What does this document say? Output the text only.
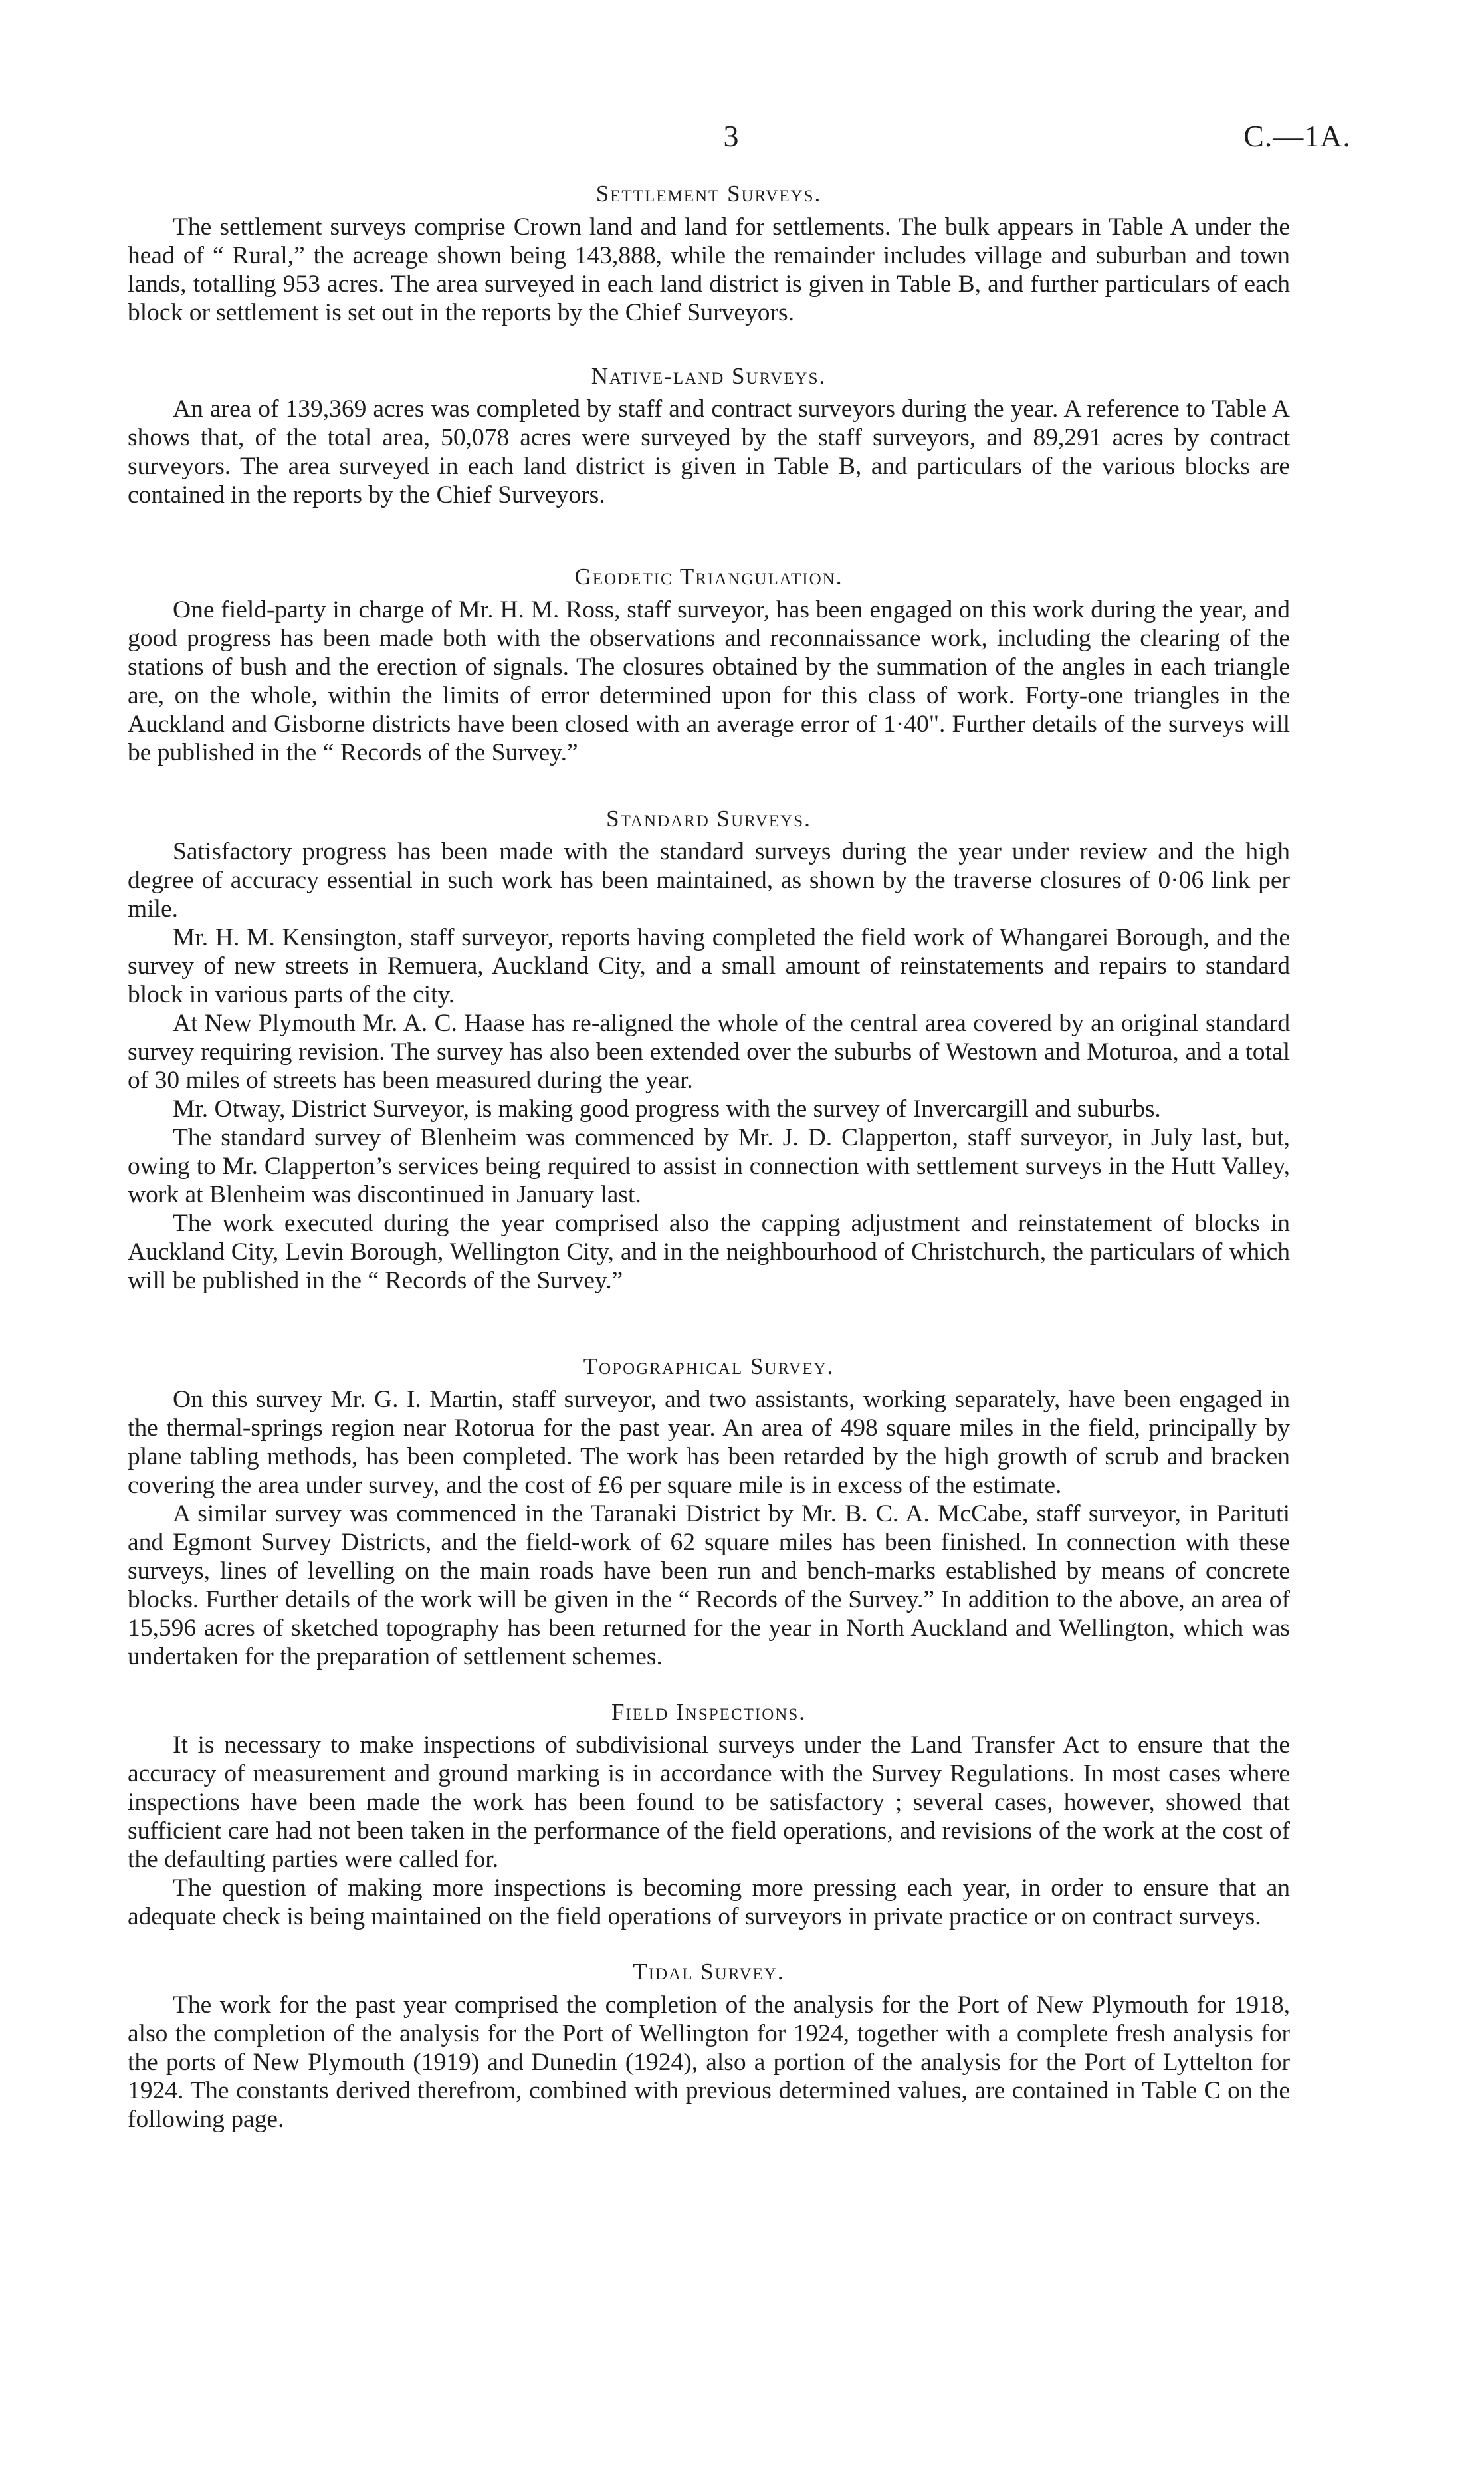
3	C.—1A.
Settlement Surveys.

The settlement surveys comprise Crown land and land for settlements. The bulk appears in Table A under the head of “ Rural,” the acreage shown being 143,888, while the remainder includes village and suburban and town lands, totalling 953 acres. The area surveyed in each land district is given in Table B, and further particulars of each block or settlement is set out in the reports by the Chief Surveyors.

Native-land Surveys.

An area of 139,369 acres was completed by staff and contract surveyors during the year. A reference to Table A shows that, of the total area, 50,078 acres were surveyed by the staff surveyors, and 89,291 acres by contract surveyors. The area surveyed in each land district is given in Table B, and particulars of the various blocks are contained in the reports by the Chief Surveyors.

Geodetic Triangulation.

One field-party in charge of Mr. H. M. Ross, staff surveyor, has been engaged on this work during the year, and good progress has been made both with the observations and reconnaissance work, including the clearing of the stations of bush and the erection of signals. The closures obtained by the summation of the angles in each triangle are, on the whole, within the limits of error determined upon for this class of work. Forty-one triangles in the Auckland and Gisborne districts have been closed with an average error of 1·40". Further details of the surveys will be published in the “ Records of the Survey.”

Standard Surveys.

Satisfactory progress has been made with the standard surveys during the year under review and the high degree of accuracy essential in such work has been maintained, as shown by the traverse closures of 0·06 link per mile.

Mr. H. M. Kensington, staff surveyor, reports having completed the field work of Whangarei Borough, and the survey of new streets in Remuera, Auckland City, and a small amount of reinstatements and repairs to standard block in various parts of the city.

At New Plymouth Mr. A. C. Haase has re-aligned the whole of the central area covered by an original standard survey requiring revision. The survey has also been extended over the suburbs of Westown and Moturoa, and a total of 30 miles of streets has been measured during the year.

Mr. Otway, District Surveyor, is making good progress with the survey of Invercargill and suburbs.

The standard survey of Blenheim was commenced by Mr. J. D. Clapperton, staff surveyor, in July last, but, owing to Mr. Clapperton’s services being required to assist in connection with settlement surveys in the Hutt Valley, work at Blenheim was discontinued in January last.

The work executed during the year comprised also the capping adjustment and reinstatement of blocks in Auckland City, Levin Borough, Wellington City, and in the neighbourhood of Christchurch, the particulars of which will be published in the “ Records of the Survey.”

Topographical Survey.

On this survey Mr. G. I. Martin, staff surveyor, and two assistants, working separately, have been engaged in the thermal-springs region near Rotorua for the past year. An area of 498 square miles in the field, principally by plane tabling methods, has been completed. The work has been retarded by the high growth of scrub and bracken covering the area under survey, and the cost of £6 per square mile is in excess of the estimate.

A similar survey was commenced in the Taranaki District by Mr. B. C. A. McCabe, staff surveyor, in Parituti and Egmont Survey Districts, and the field-work of 62 square miles has been finished. In connection with these surveys, lines of levelling on the main roads have been run and bench-marks established by means of concrete blocks. Further details of the work will be given in the “ Records of the Survey.” In addition to the above, an area of 15,596 acres of sketched topography has been returned for the year in North Auckland and Wellington, which was undertaken for the preparation of settlement schemes.

Field Inspections.

It is necessary to make inspections of subdivisional surveys under the Land Transfer Act to ensure that the accuracy of measurement and ground marking is in accordance with the Survey Regulations. In most cases where inspections have been made the work has been found to be satisfactory ; several cases, however, showed that sufficient care had not been taken in the performance of the field operations, and revisions of the work at the cost of the defaulting parties were called for.

The question of making more inspections is becoming more pressing each year, in order to ensure that an adequate check is being maintained on the field operations of surveyors in private practice or on contract surveys.

Tidal Survey.

The work for the past year comprised the completion of the analysis for the Port of New Plymouth for 1918, also the completion of the analysis for the Port of Wellington for 1924, together with a complete fresh analysis for the ports of New Plymouth (1919) and Dunedin (1924), also a portion of the analysis for the Port of Lyttelton for 1924. The constants derived therefrom, combined with previous determined values, are contained in Table C on the following page.
